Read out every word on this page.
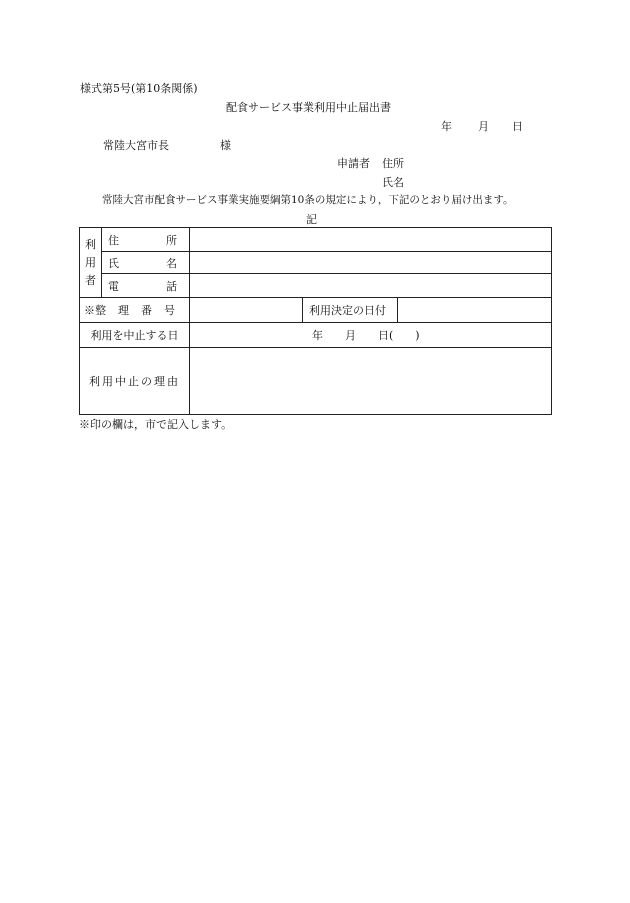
様式第5号(第10条関係)
配食サービス事業利用中止届出書
年 月 日
常陸大宮市長	様
申請者 住所
氏名
常陸大宮市配食サービス事業実施要綱第10条の規定により，下記のとおり届け出ます。
記
利
用
者	住 所			

	氏 名			

	電 話			

※整 理 番 号			利用決定の日付	
利用を中止する日		年　　月　　日(　　)		
利用中止の理由				
※印の欄は，市で記入します。
